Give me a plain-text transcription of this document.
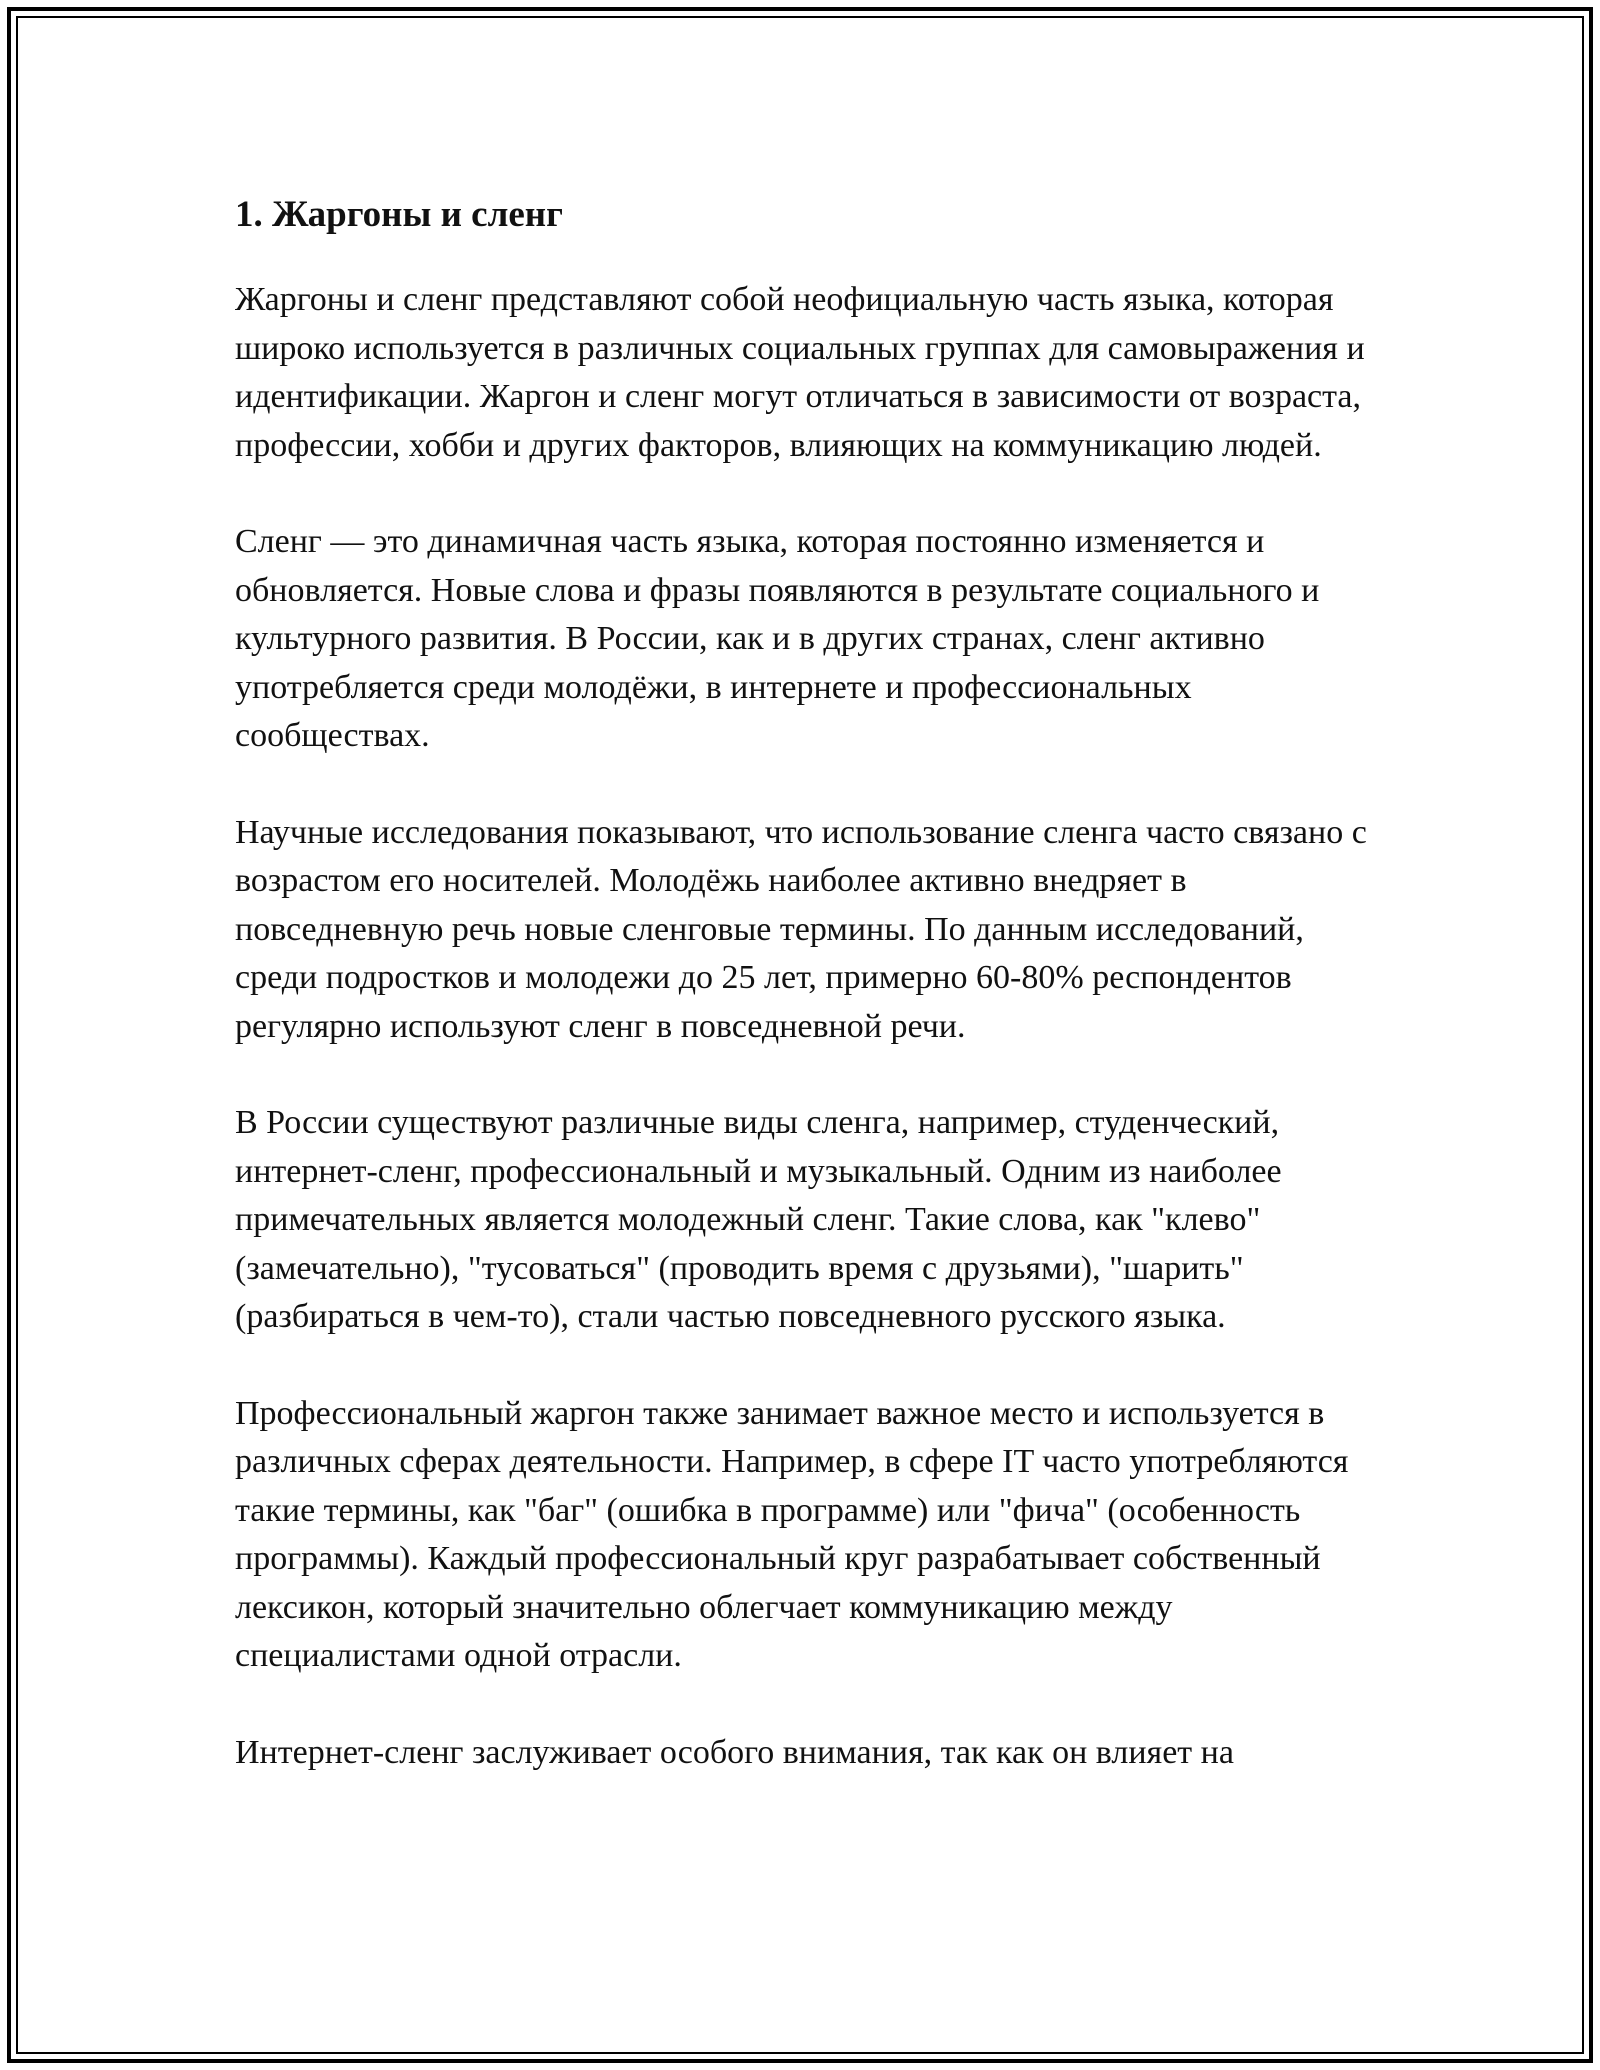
1. Жаргоны и сленг

Жаргоны и сленг представляют собой неофициальную часть языка, которая широко используется в различных социальных группах для самовыражения и идентификации. Жаргон и сленг могут отличаться в зависимости от возраста, профессии, хобби и других факторов, влияющих на коммуникацию людей.

Сленг — это динамичная часть языка, которая постоянно изменяется и обновляется. Новые слова и фразы появляются в результате социального и культурного развития. В России, как и в других странах, сленг активно употребляется среди молодёжи, в интернете и профессиональных сообществах.

Научные исследования показывают, что использование сленга часто связано с возрастом его носителей. Молодёжь наиболее активно внедряет в повседневную речь новые сленговые термины. По данным исследований, среди подростков и молодежи до 25 лет, примерно 60-80% респондентов регулярно используют сленг в повседневной речи.

В России существуют различные виды сленга, например, студенческий, интернет-сленг, профессиональный и музыкальный. Одним из наиболее примечательных является молодежный сленг. Такие слова, как "клево" (замечательно), "тусоваться" (проводить время с друзьями), "шарить" (разбираться в чем-то), стали частью повседневного русского языка.

Профессиональный жаргон также занимает важное место и используется в различных сферах деятельности. Например, в сфере IT часто употребляются такие термины, как "баг" (ошибка в программе) или "фича" (особенность программы). Каждый профессиональный круг разрабатывает собственный лексикон, который значительно облегчает коммуникацию между специалистами одной отрасли.

Интернет-сленг заслуживает особого внимания, так как он влияет на
